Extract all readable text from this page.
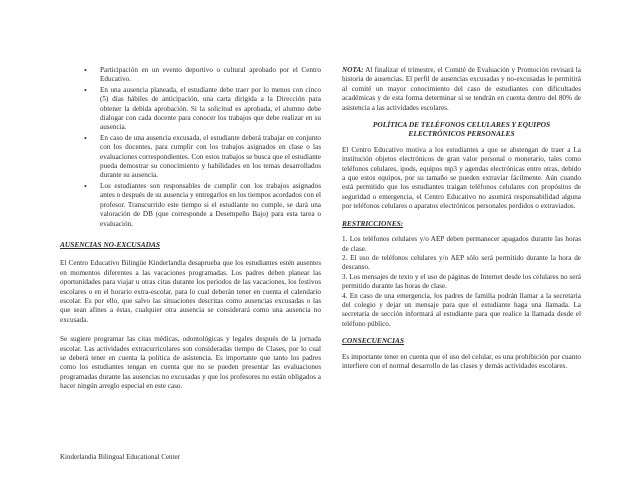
• Participación en un evento deportivo o cultural aprobado por el Centro Educativo.
• En una ausencia planeada, el estudiante debe traer por lo menos con cinco (5) días hábiles de anticipación, una carta dirigida a la Dirección para obtener la debida aprobación. Si la solicitud es aprobada, el alumno debe dialogar con cada docente para conocer los trabajos que debe realizar en su ausencia.
• En caso de una ausencia excusada, el estudiante deberá trabajar en conjunto con los docentes, para cumplir con los trabajos asignados en clase o las evaluaciones correspondientes. Con estos trabajos se busca que el estudiante pueda demostrar su conocimiento y habilidades en los temas desarrollados durante su ausencia.
• Los estudiantes son responsables de cumplir con los trabajos asignados antes o después de su ausencia y entregarlos en los tiempos acordados con el profesor. Transcurrido este tiempo si el estudiante no cumple, se dará una valoración de DB (que corresponde a Desempeño Bajo) para esta tarea o evaluación.

AUSENCIAS NO-EXCUSADAS

El Centro Educativo Bilingüe Kinderlandia desaprueba que los estudiantes estén ausentes en momentos diferentes a las vacaciones programadas. Los padres deben planear las oportunidades para viajar u otras citas durante los periodos de las vacaciones, los festivos escolares o en el horario extra-escolar, para lo cual deberán tener en cuenta el calendario escolar. Es por ello, que salvo las situaciones descritas como ausencias excusadas o las que sean afines a éstas, cualquier otra ausencia se considerará como una ausencia no excusada.

Se sugiere programar las citas médicas, odontológicas y legales después de la jornada escolar. Las actividades extracurriculares son consideradas tiempo de Clases, por lo cual se deberá tener en cuenta la política de asistencia. Es importante que tanto los padres como los estudiantes tengan en cuenta que no se pueden presentar las evaluaciones programadas durante las ausencias no excusadas y que los profesores no están obligados a hacer ningún arreglo especial en este caso.

NOTA: Al finalizar el trimestre, el Comité de Evaluación y Promoción revisará la historia de ausencias. El perfil de ausencias excusadas y no-excusadas le permitirá al comité un mayor conocimiento del caso de estudiantes con dificultades académicas y de esta forma determinar si se tendrán en cuenta dentro del 80% de asistencia a las actividades escolares.

POLÍTICA DE TELÉFONOS CELULARES Y EQUIPOS

ELECTRÓNICOS PERSONALES

El Centro Educativo motiva a los estudiantes a que se abstengan de traer a La institución objetos electrónicos de gran valor personal o monetario, tales como teléfonos celulares, ipods, equipos mp3 y agendas electrónicas entre otras, debido a que estos equipos, por su tamaño se pueden extraviar fácilmente. Aún cuando está permitido que los estudiantes traigan teléfonos celulares con propósitos de seguridad o emergencia, el Centro Educativo no asumirá responsabilidad alguna por teléfonos celulares o aparatos electrónicos personales perdidos o extraviados.

RESTRICCIONES:

1. Los teléfonos celulares y/o AEP deben permanecer apagados durante las horas de clase.

2. El uso de teléfonos celulares y/o AEP sólo será permitido durante la hora de descanso.

3. Los mensajes de texto y el uso de páginas de Internet desde los celulares no será permitido durante las horas de clase.

4. En caso de una emergencia, los padres de familia podrán llamar a la secretaria del colegio y dejar un mensaje para que el estudiante haga una llamada. La secretaria de sección informará al estudiante para que realice la llamada desde el teléfono público.

CONSECUENCIAS

Es importante tener en cuenta que el uso del celular, es una prohibición por cuanto interfiere con el normal desarrollo de las clases y demás actividades escolares.

Kinderlandia Bilingual Educational Center
